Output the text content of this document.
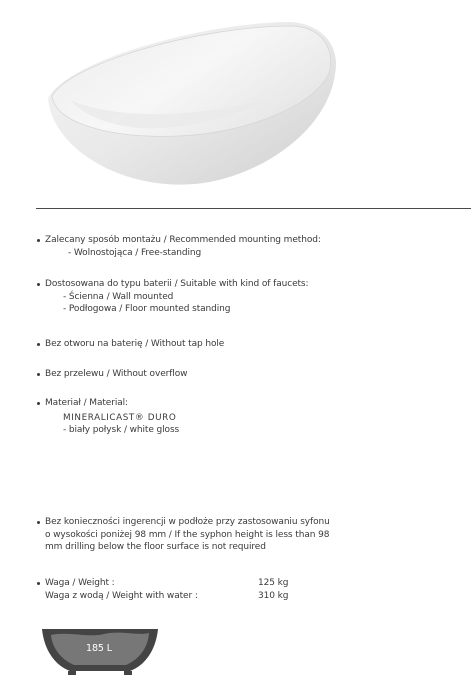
Zalecany sposób montażu / Recommended mounting method:
- Wolnostojąca / Free-standing
Dostosowana do typu baterii / Suitable with kind of faucets:
- Ścienna / Wall mounted
- Podłogowa / Floor mounted standing
Bez otworu na baterię / Without tap hole
Bez przelewu / Without overflow
Materiał / Material:
MINERALICAST® DURO
- biały połysk / white gloss
Bez konieczności ingerencji w podłoże przy zastosowaniu syfonu
o wysokości poniżej 98 mm / If the syphon height is less than 98
mm drilling below the floor surface is not required
Waga / Weight :	125 kg
Waga z wodą / Weight with water :	310 kg
185 L
